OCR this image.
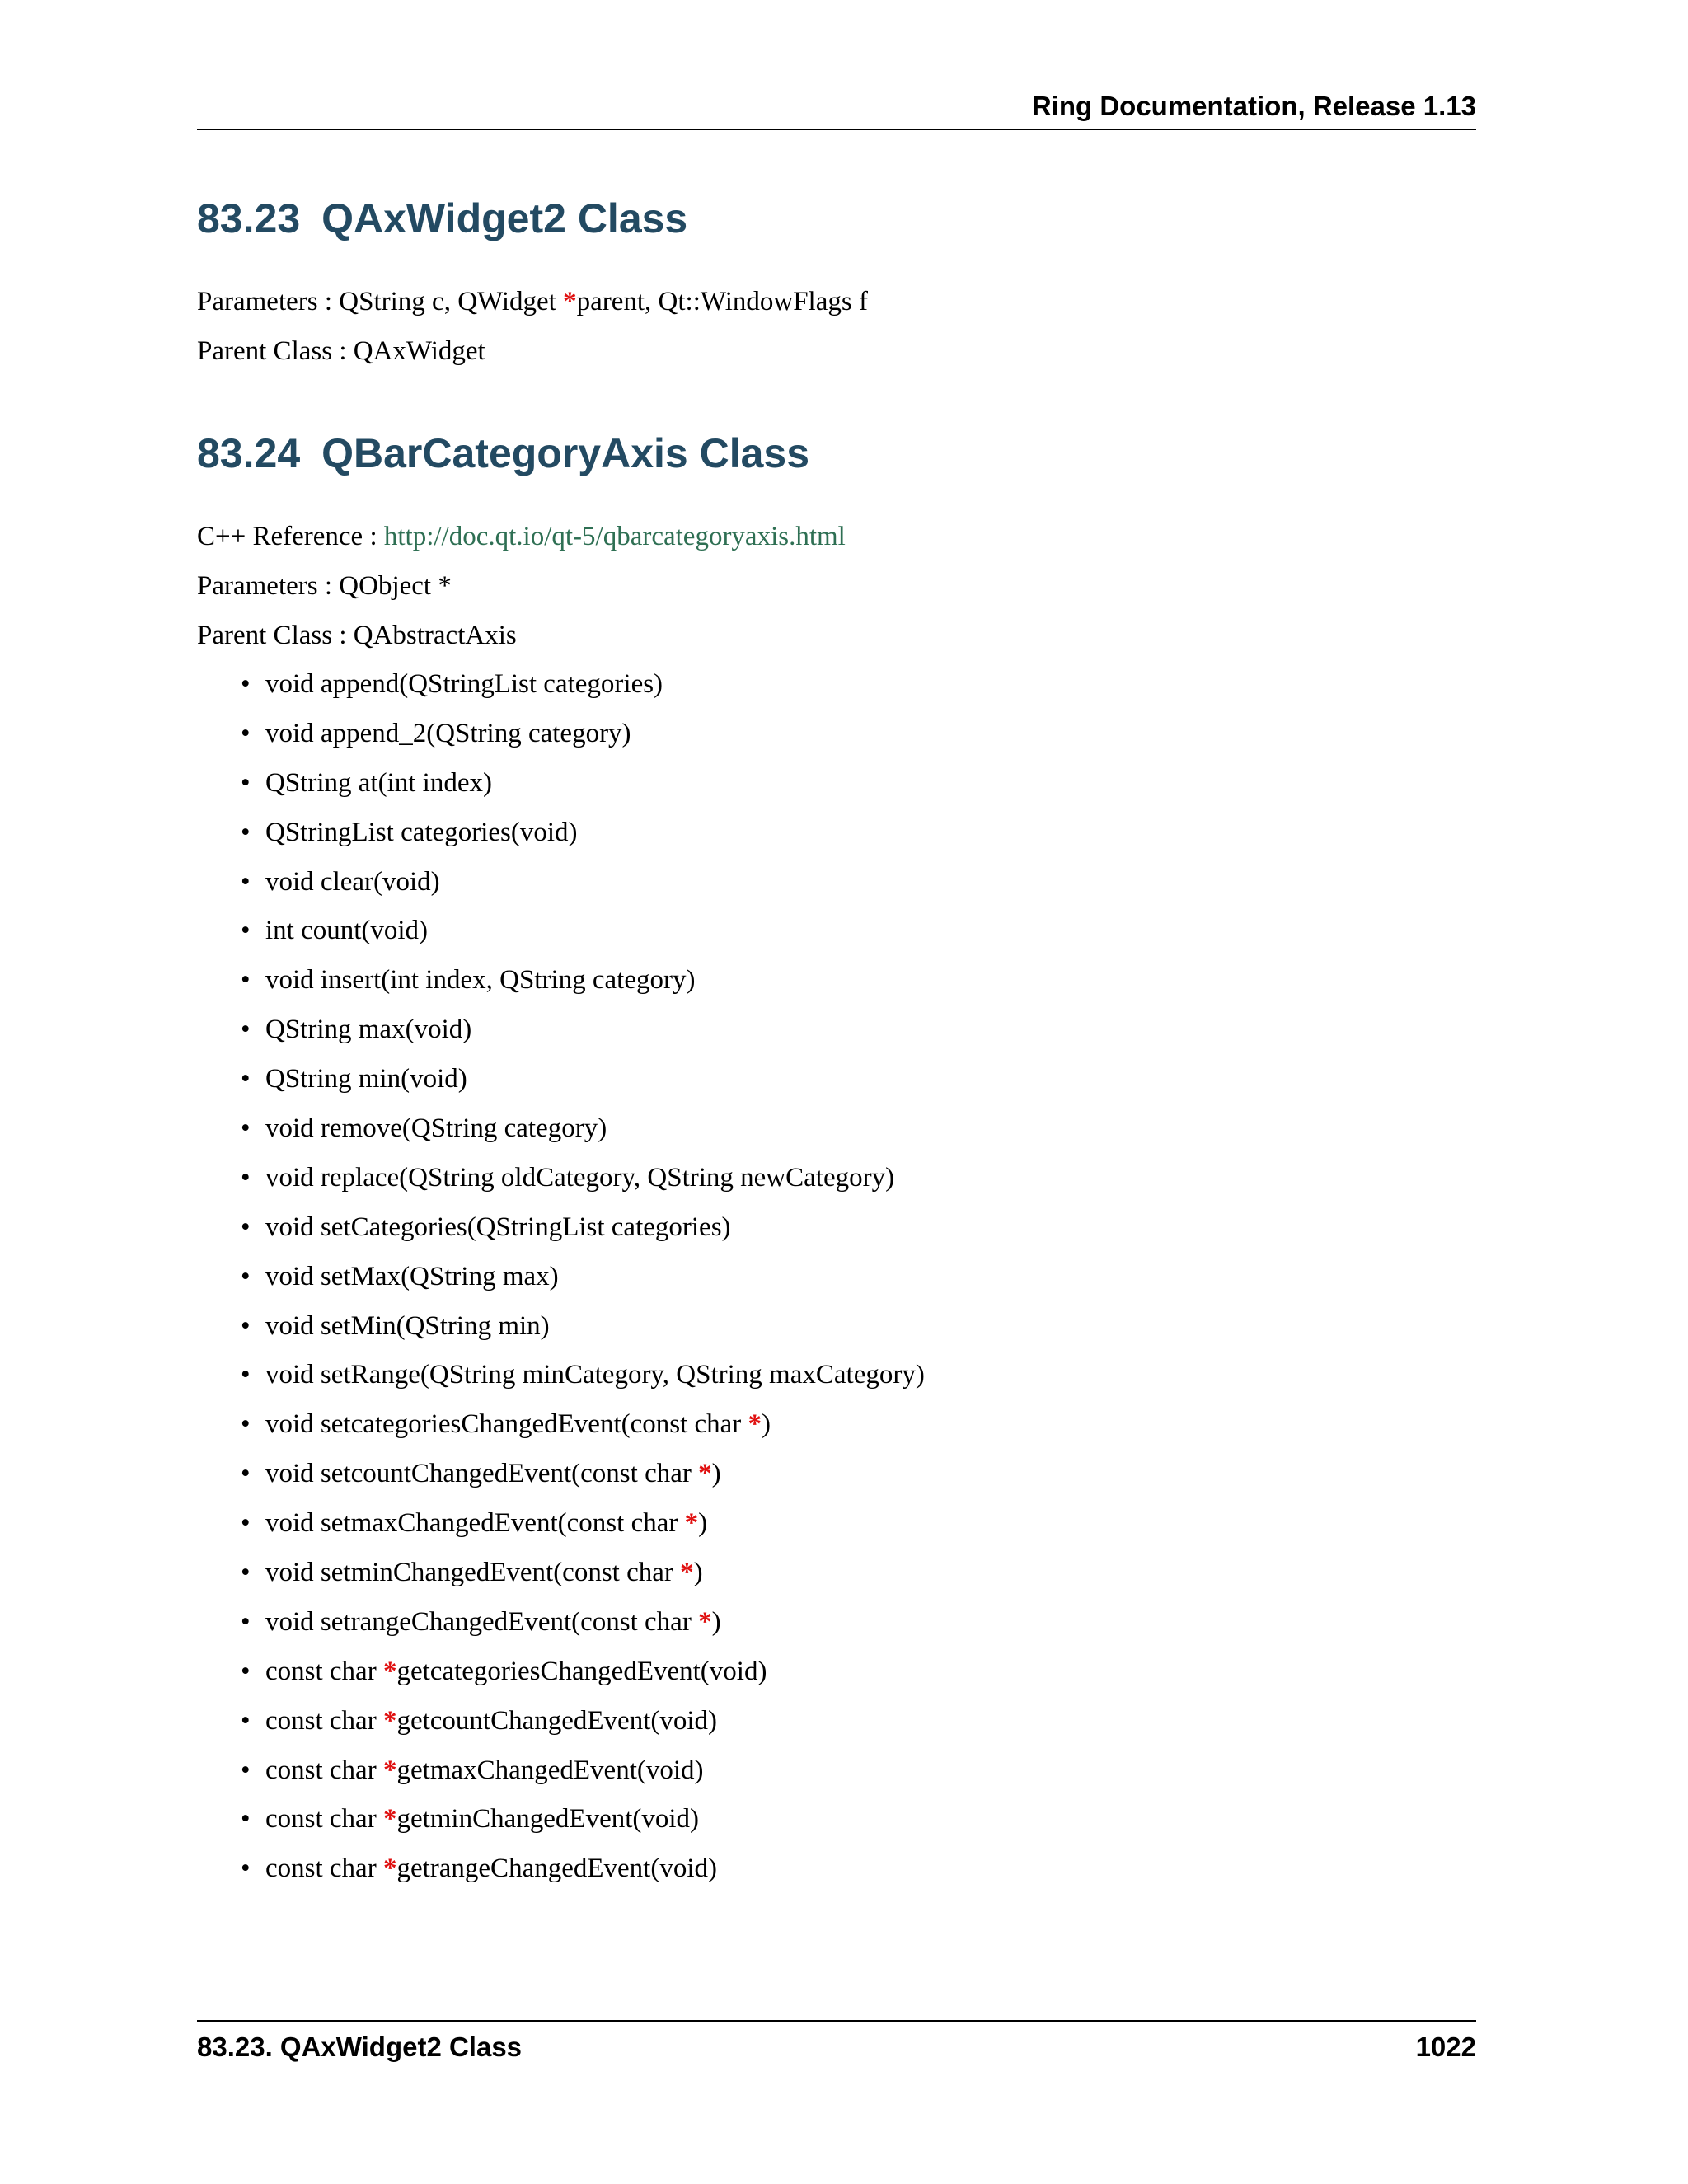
Ring Documentation, Release 1.13
83.23 QAxWidget2 Class

Parameters : QString c, QWidget *parent, Qt::WindowFlags f

Parent Class : QAxWidget

83.24 QBarCategoryAxis Class

C++ Reference : http://doc.qt.io/qt-5/qbarcategoryaxis.html

Parameters : QObject *

Parent Class : QAbstractAxis

• void append(QStringList categories)
• void append_2(QString category)
• QString at(int index)
• QStringList categories(void)
• void clear(void)
• int count(void)
• void insert(int index, QString category)
• QString max(void)
• QString min(void)
• void remove(QString category)
• void replace(QString oldCategory, QString newCategory)
• void setCategories(QStringList categories)
• void setMax(QString max)
• void setMin(QString min)
• void setRange(QString minCategory, QString maxCategory)
• void setcategoriesChangedEvent(const char *)
• void setcountChangedEvent(const char *)
• void setmaxChangedEvent(const char *)
• void setminChangedEvent(const char *)
• void setrangeChangedEvent(const char *)
• const char *getcategoriesChangedEvent(void)
• const char *getcountChangedEvent(void)
• const char *getmaxChangedEvent(void)
• const char *getminChangedEvent(void)
• const char *getrangeChangedEvent(void)
83.23. QAxWidget2 Class	1022
